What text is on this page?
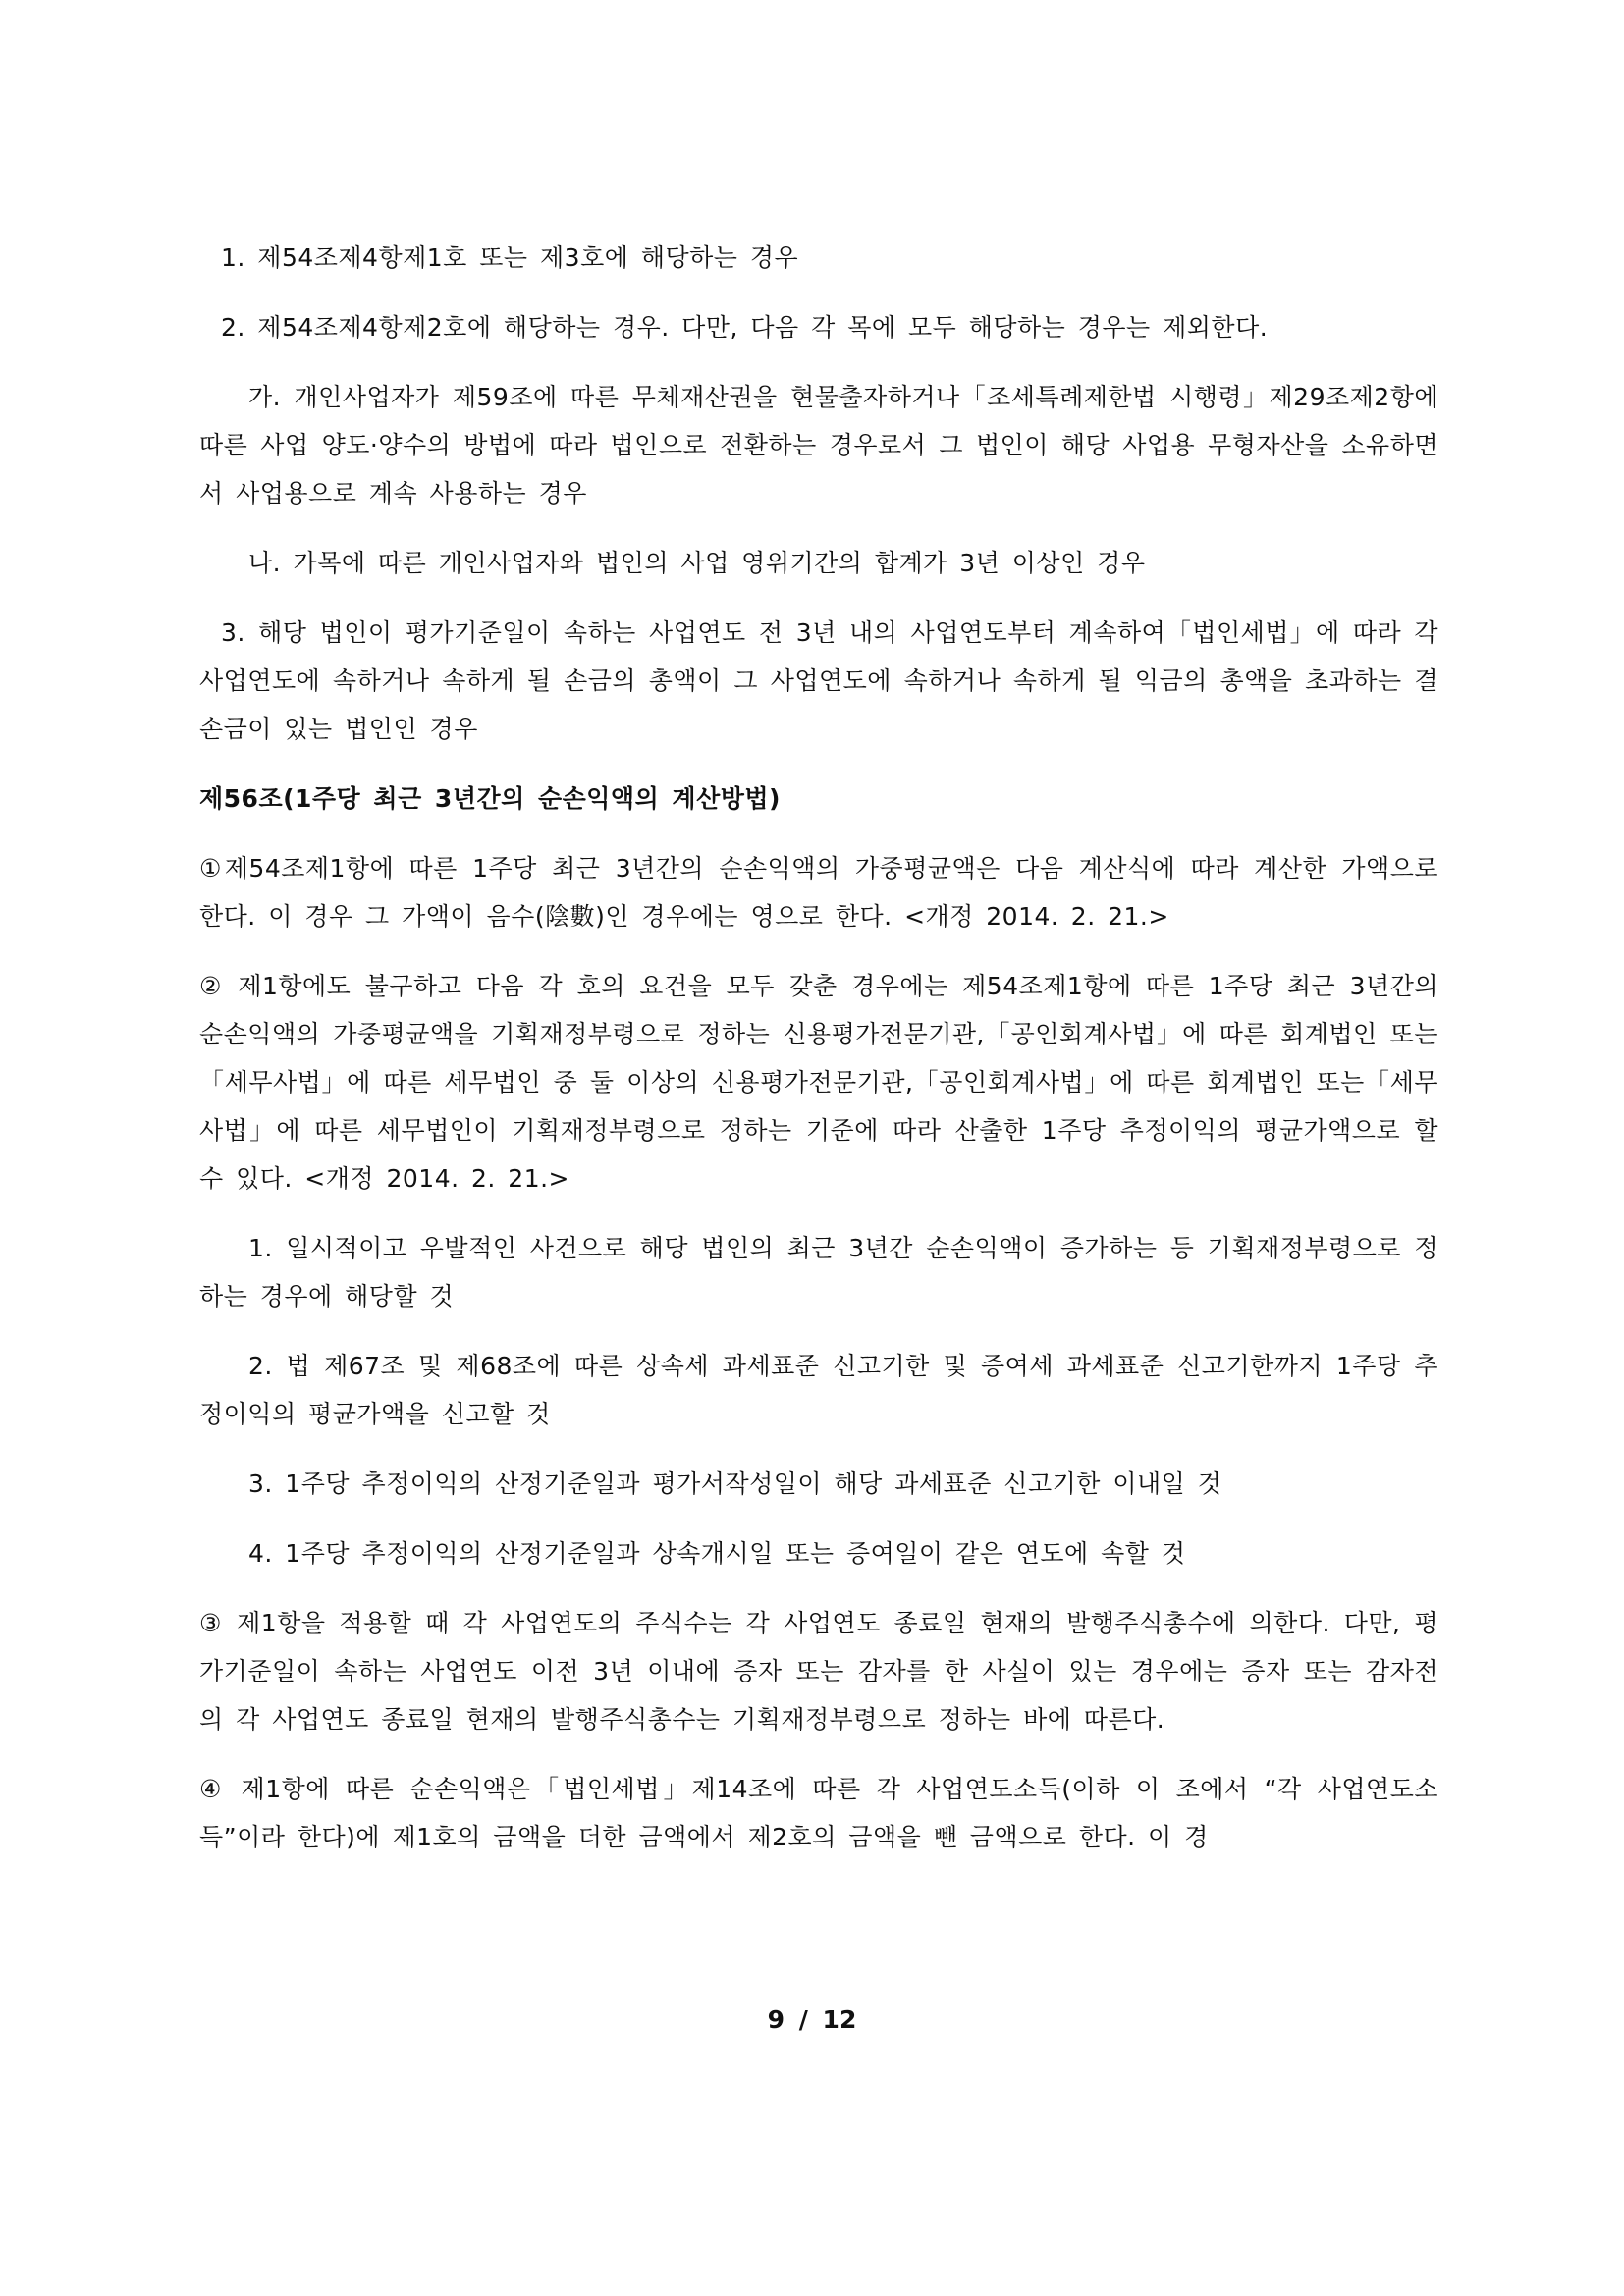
1. 제54조제4항제1호 또는 제3호에 해당하는 경우

2. 제54조제4항제2호에 해당하는 경우. 다만, 다음 각 목에 모두 해당하는 경우는 제외한다.

가. 개인사업자가 제59조에 따른 무체재산권을 현물출자하거나「조세특례제한법 시행령」제29조제2항에 따른 사업 양도·양수의 방법에 따라 법인으로 전환하는 경우로서 그 법인이 해당 사업용 무형자산을 소유하면서 사업용으로 계속 사용하는 경우

나. 가목에 따른 개인사업자와 법인의 사업 영위기간의 합계가 3년 이상인 경우

3. 해당 법인이 평가기준일이 속하는 사업연도 전 3년 내의 사업연도부터 계속하여「법인세법」에 따라 각 사업연도에 속하거나 속하게 될 손금의 총액이 그 사업연도에 속하거나 속하게 될 익금의 총액을 초과하는 결손금이 있는 법인인 경우

제56조(1주당 최근 3년간의 순손익액의 계산방법)

①제54조제1항에 따른 1주당 최근 3년간의 순손익액의 가중평균액은 다음 계산식에 따라 계산한 가액으로 한다. 이 경우 그 가액이 음수(陰數)인 경우에는 영으로 한다. <개정 2014. 2. 21.>

② 제1항에도 불구하고 다음 각 호의 요건을 모두 갖춘 경우에는 제54조제1항에 따른 1주당 최근 3년간의 순손익액의 가중평균액을 기획재정부령으로 정하는 신용평가전문기관,「공인회계사법」에 따른 회계법인 또는「세무사법」에 따른 세무법인 중 둘 이상의 신용평가전문기관,「공인회계사법」에 따른 회계법인 또는「세무사법」에 따른 세무법인이 기획재정부령으로 정하는 기준에 따라 산출한 1주당 추정이익의 평균가액으로 할 수 있다. <개정 2014. 2. 21.>

1. 일시적이고 우발적인 사건으로 해당 법인의 최근 3년간 순손익액이 증가하는 등 기획재정부령으로 정하는 경우에 해당할 것

2. 법 제67조 및 제68조에 따른 상속세 과세표준 신고기한 및 증여세 과세표준 신고기한까지 1주당 추정이익의 평균가액을 신고할 것

3. 1주당 추정이익의 산정기준일과 평가서작성일이 해당 과세표준 신고기한 이내일 것

4. 1주당 추정이익의 산정기준일과 상속개시일 또는 증여일이 같은 연도에 속할 것

③ 제1항을 적용할 때 각 사업연도의 주식수는 각 사업연도 종료일 현재의 발행주식총수에 의한다. 다만, 평가기준일이 속하는 사업연도 이전 3년 이내에 증자 또는 감자를 한 사실이 있는 경우에는 증자 또는 감자전의 각 사업연도 종료일 현재의 발행주식총수는 기획재정부령으로 정하는 바에 따른다.

④ 제1항에 따른 순손익액은「법인세법」제14조에 따른 각 사업연도소득(이하 이 조에서 “각 사업연도소득”이라 한다)에 제1호의 금액을 더한 금액에서 제2호의 금액을 뺀 금액으로 한다. 이 경

9 / 12
